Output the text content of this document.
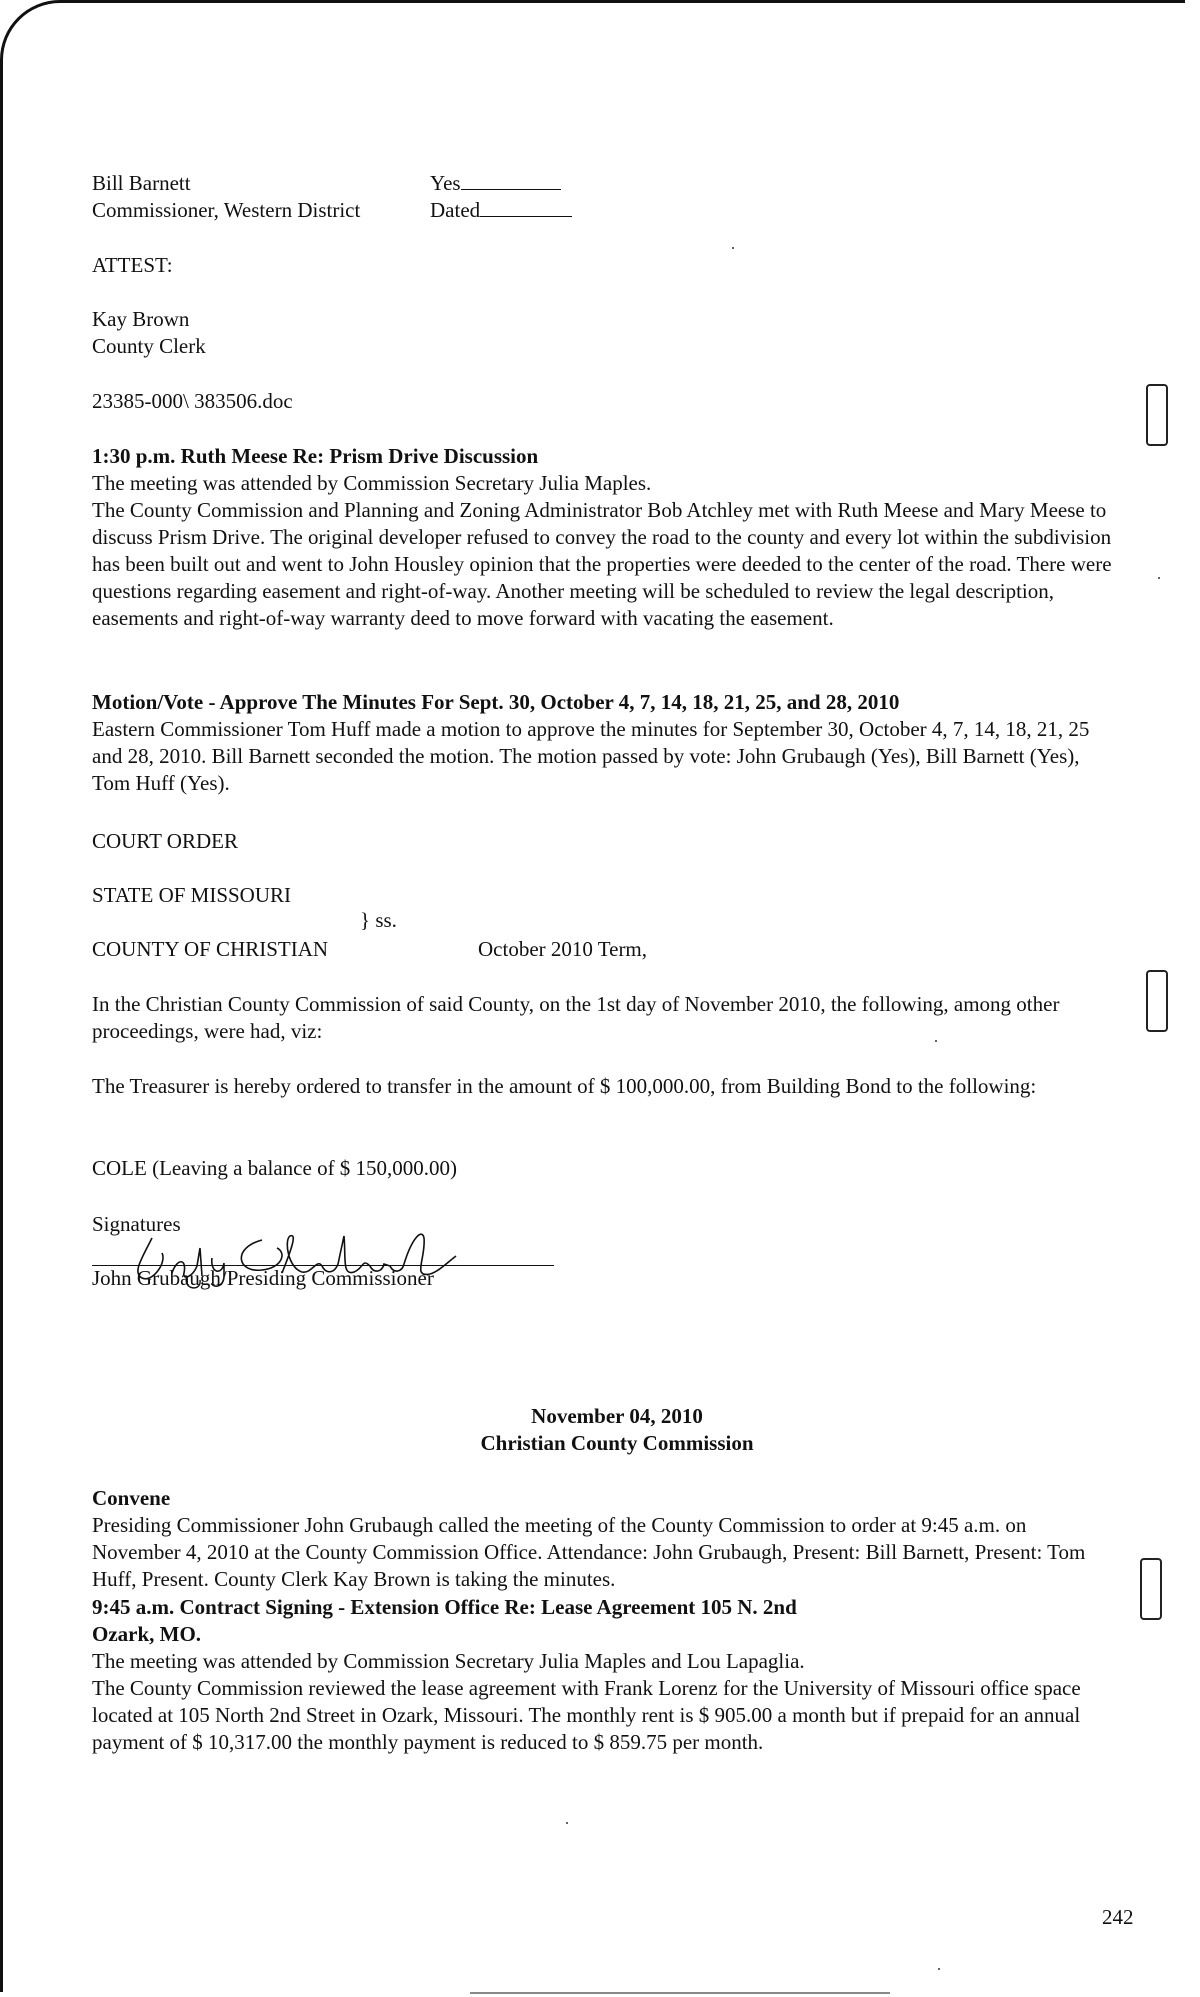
Bill Barnett	Yes
Commissioner, Western District	Dated
ATTEST:
Kay Brown
County Clerk
23385-000\ 383506.doc
1:30 p.m. Ruth Meese Re: Prism Drive Discussion

The meeting was attended by Commission Secretary Julia Maples.

The County Commission and Planning and Zoning Administrator Bob Atchley met with Ruth Meese and Mary Meese to discuss Prism Drive. The original developer refused to convey the road to the county and every lot within the subdivision has been built out and went to John Housley opinion that the properties were deeded to the center of the road. There were questions regarding easement and right-of-way. Another meeting will be scheduled to review the legal description, easements and right-of-way warranty deed to move forward with vacating the easement.

Motion/Vote - Approve The Minutes For Sept. 30, October 4, 7, 14, 18, 21, 25, and 28, 2010
Eastern Commissioner Tom Huff made a motion to approve the minutes for September 30, October 4, 7, 14, 18, 21, 25 and 28, 2010. Bill Barnett seconded the motion. The motion passed by vote: John Grubaugh (Yes), Bill Barnett (Yes), Tom Huff (Yes).
COURT ORDER
STATE OF MISSOURI
} ss.
COUNTY OF CHRISTIAN	October 2010 Term,
In the Christian County Commission of said County, on the 1st day of November 2010, the following, among other proceedings, were had, viz:
The Treasurer is hereby ordered to transfer in the amount of $ 100,000.00, from Building Bond to the following:
COLE (Leaving a balance of $ 150,000.00)
Signatures
John Grubaugh/Presiding Commissioner
November 04, 2010
Christian County Commission
Convene
Presiding Commissioner John Grubaugh called the meeting of the County Commission to order at 9:45 a.m. on November 4, 2010 at the County Commission Office. Attendance: John Grubaugh, Present: Bill Barnett, Present: Tom Huff, Present. County Clerk Kay Brown is taking the minutes.
9:45 a.m. Contract Signing - Extension Office Re: Lease Agreement 105 N. 2nd
Ozark, MO.

The meeting was attended by Commission Secretary Julia Maples and Lou Lapaglia.

The County Commission reviewed the lease agreement with Frank Lorenz for the University of Missouri office space located at 105 North 2nd Street in Ozark, Missouri. The monthly rent is $ 905.00 a month but if prepaid for an annual payment of $ 10,317.00 the monthly payment is reduced to $ 859.75 per month.

242
